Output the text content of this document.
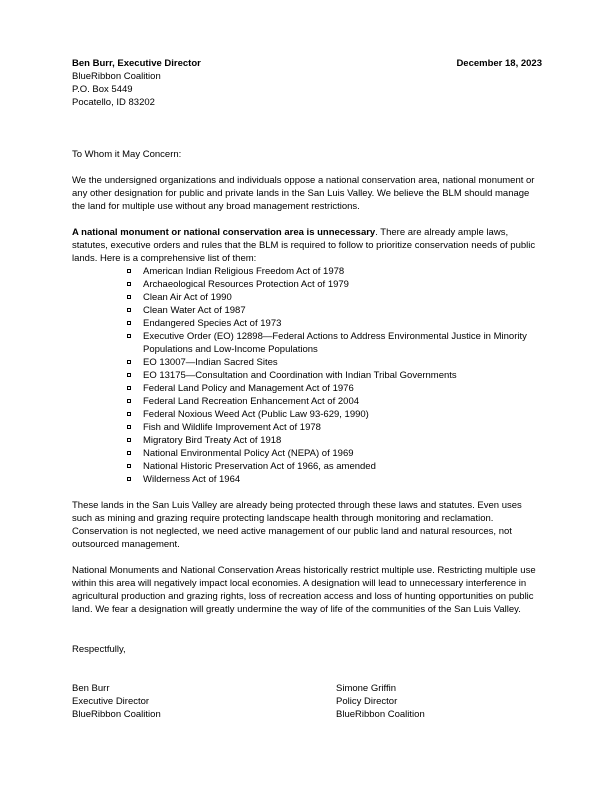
Ben Burr, Executive Director	December 18, 2023
BlueRibbon Coalition
P.O. Box 5449
Pocatello, ID 83202
To Whom it May Concern:
We the undersigned organizations and individuals oppose a national conservation area, national monument or any other designation for public and private lands in the San Luis Valley. We believe the BLM should manage the land for multiple use without any broad management restrictions.
A national monument or national conservation area is unnecessary. There are already ample laws, statutes, executive orders and rules that the BLM is required to follow to prioritize conservation needs of public lands. Here is a comprehensive list of them:
American Indian Religious Freedom Act of 1978
Archaeological Resources Protection Act of 1979
Clean Air Act of 1990
Clean Water Act of 1987
Endangered Species Act of 1973
Executive Order (EO) 12898—Federal Actions to Address Environmental Justice in Minority Populations and Low-Income Populations
EO 13007—Indian Sacred Sites
EO 13175—Consultation and Coordination with Indian Tribal Governments
Federal Land Policy and Management Act of 1976
Federal Land Recreation Enhancement Act of 2004
Federal Noxious Weed Act (Public Law 93-629, 1990)
Fish and Wildlife Improvement Act of 1978
Migratory Bird Treaty Act of 1918
National Environmental Policy Act (NEPA) of 1969
National Historic Preservation Act of 1966, as amended
Wilderness Act of 1964
These lands in the San Luis Valley are already being protected through these laws and statutes. Even uses such as mining and grazing require protecting landscape health through monitoring and reclamation. Conservation is not neglected, we need active management of our public land and natural resources, not outsourced management.
National Monuments and National Conservation Areas historically restrict multiple use. Restricting multiple use within this area will negatively impact local economies. A designation will lead to unnecessary interference in agricultural production and grazing rights, loss of recreation access and loss of hunting opportunities on public land. We fear a designation will greatly undermine the way of life of the communities of the San Luis Valley.
Respectfully,
Ben Burr
Executive Director
BlueRibbon Coalition
Simone Griffin
Policy Director
BlueRibbon Coalition
